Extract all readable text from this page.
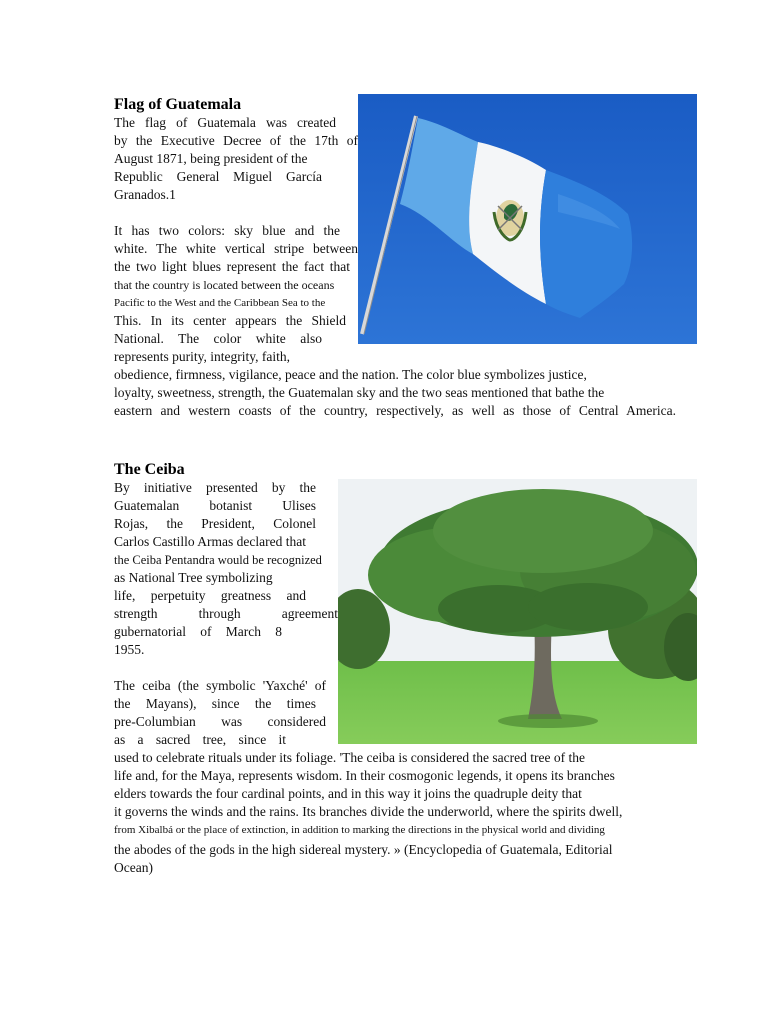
Flag of Guatemala

The flag of Guatemala was created

by the Executive Decree of the 17th of

August 1871, being president of the

Republic General Miguel García

Granados.1

It has two colors: sky blue and the

white. The white vertical stripe between

the two light blues represent the fact that

that the country is located between the oceans

Pacific to the West and the Caribbean Sea to the

This. In its center appears the Shield

National. The color white also

represents purity, integrity, faith,

obedience, firmness, vigilance, peace and the nation. The color blue symbolizes justice,

loyalty, sweetness, strength, the Guatemalan sky and the two seas mentioned that bathe the

eastern and western coasts of the country, respectively, as well as those of Central America.

The Ceiba

By initiative presented by the

Guatemalan botanist Ulises

Rojas, the President, Colonel

Carlos Castillo Armas declared that

the Ceiba Pentandra would be recognized

as National Tree symbolizing

life, perpetuity greatness and

strength through agreement

gubernatorial of March 8

1955.

The ceiba (the symbolic 'Yaxché' of

the Mayans), since the times

pre-Columbian was considered

as a sacred tree, since it

used to celebrate rituals under its foliage. 'The ceiba is considered the sacred tree of the

life and, for the Maya, represents wisdom. In their cosmogonic legends, it opens its branches

elders towards the four cardinal points, and in this way it joins the quadruple deity that

it governs the winds and the rains. Its branches divide the underworld, where the spirits dwell,

from Xibalbá or the place of extinction, in addition to marking the directions in the physical world and dividing

the abodes of the gods in the high sidereal mystery. » (Encyclopedia of Guatemala, Editorial

Ocean)
